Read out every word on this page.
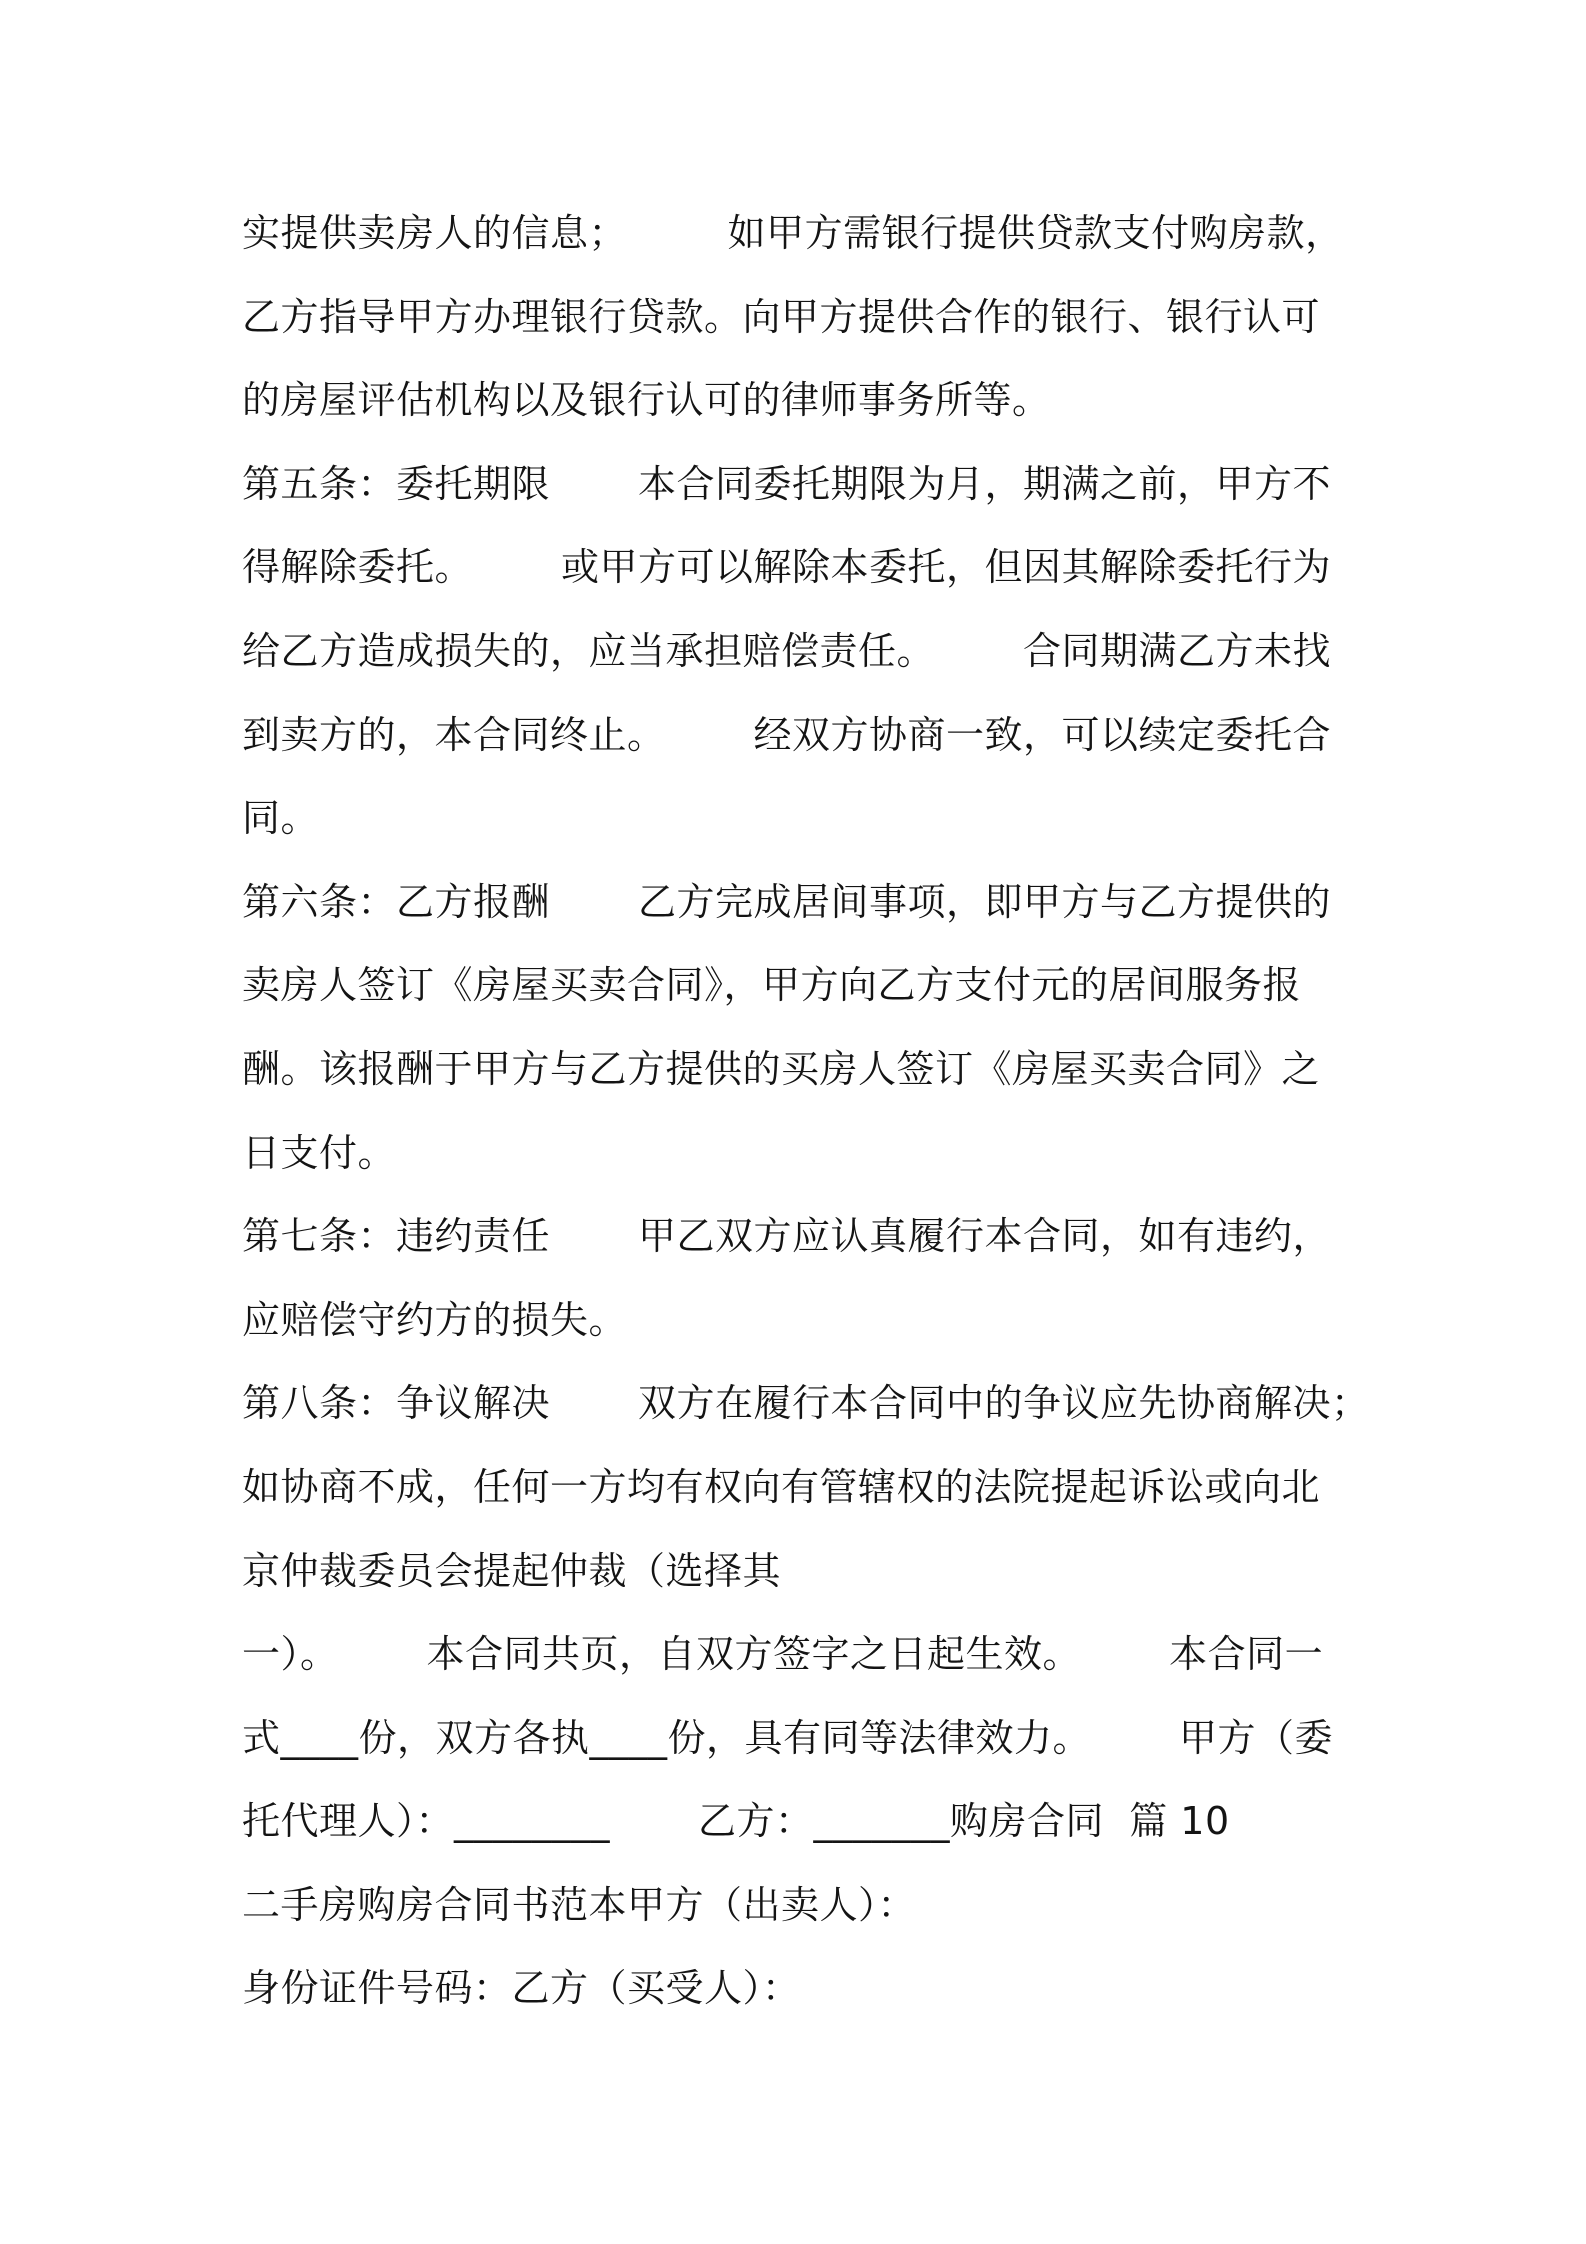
实提供卖房人的信息；        如甲方需银行提供贷款支付购房款，
乙方指导甲方办理银行贷款。向甲方提供合作的银行、银行认可
的房屋评估机构以及银行认可的律师事务所等。
第五条：委托期限       本合同委托期限为月，期满之前，甲方不
得解除委托。       或甲方可以解除本委托，但因其解除委托行为
给乙方造成损失的，应当承担赔偿责任。       合同期满乙方未找
到卖方的，本合同终止。       经双方协商一致，可以续定委托合
同。
第六条：乙方报酬       乙方完成居间事项，即甲方与乙方提供的
卖房人签订《房屋买卖合同》，甲方向乙方支付元的居间服务报
酬。该报酬于甲方与乙方提供的买房人签订《房屋买卖合同》之
日支付。
第七条：违约责任       甲乙双方应认真履行本合同，如有违约，
应赔偿守约方的损失。
第八条：争议解决       双方在履行本合同中的争议应先协商解决；
如协商不成，任何一方均有权向有管辖权的法院提起诉讼或向北
京仲裁委员会提起仲裁（选择其
一）。       本合同共页，自双方签字之日起生效。       本合同一
式____份，双方各执____份，具有同等法律效力。       甲方（委
托代理人）：________       乙方：_______购房合同  篇 10
二手房购房合同书范本甲方（出卖人）：
身份证件号码：乙方（买受人）：
